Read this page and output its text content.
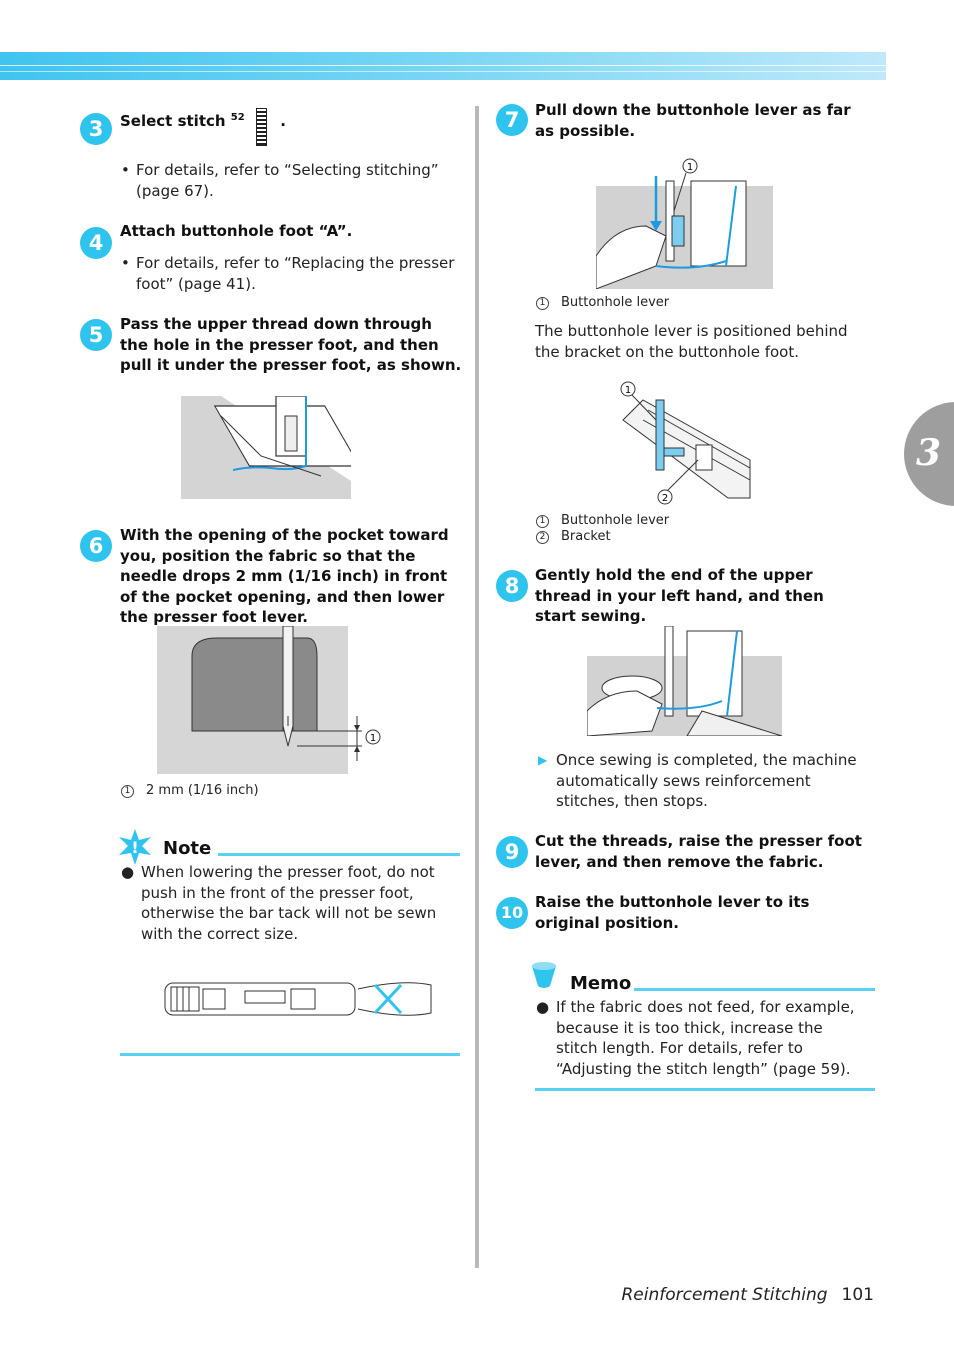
3
3	Select stitch $^{52}$ .
• For details, refer to “Selecting stitching” (page 67).
4	Attach buttonhole foot “A”.
• For details, refer to “Replacing the presser foot” (page 41).
5	Pass the upper thread down through the hole in the presser foot, and then pull it under the presser foot, as shown.
6	With the opening of the pocket toward you, position the fabric so that the needle drops 2 mm (1/16 inch) in front of the pocket opening, and then lower the presser foot lever.
1
1 2 mm (1/16 inch)
! Note
● When lowering the presser foot, do not push in the front of the presser foot, otherwise the bar tack will not be sewn with the correct size.
7	Pull down the buttonhole lever as far as possible.
1
1 Buttonhole lever
The buttonhole lever is positioned behind the bracket on the buttonhole foot.
1
2
1 Buttonhole lever
2 Bracket
8	Gently hold the end of the upper thread in your left hand, and then start sewing.
▶ Once sewing is completed, the machine automatically sews reinforcement stitches, then stops.
9	Cut the threads, raise the presser foot lever, and then remove the fabric.
10
Raise the buttonhole lever to its original position.
Memo
● If the fabric does not feed, for example, because it is too thick, increase the stitch length. For details, refer to “Adjusting the stitch length” (page 59).
Reinforcement Stitching 101
